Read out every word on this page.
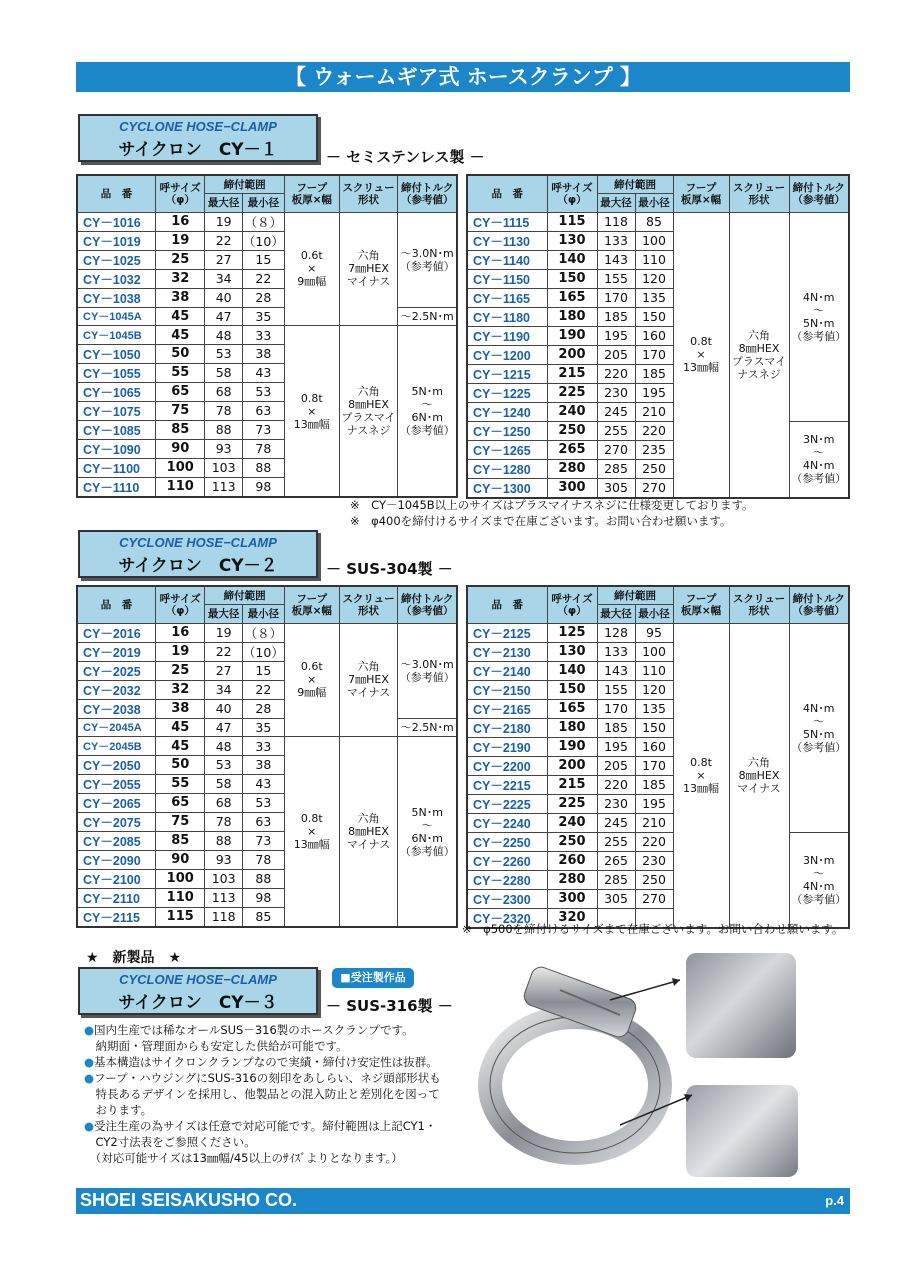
【 ウォームギア式 ホースクランプ 】
CYCLONE HOSE−CLAMP
サイクロン　CY－１	－ セミステンレス製 －
品　番	呼サイズ
（φ）	締付範囲		フープ
板厚×幅	スクリュー
形状	締付トルク
（参考値）
		最大径	最小径			
CY－1016	16	19	（８）	0.6t
×
9㎜幅	六角
7㎜HEX
マイナス	～3.0N･m
（参考値）
CY－1019	19	22	（10）			
CY－1025	25	27	15			
CY－1032	32	34	22			
CY－1038	38	40	28			
CY－1045A	45	47	35			～2.5N･m
CY－1045B	45	48	33	0.8t
×
13㎜幅	六角
8㎜HEX
プラスマイ
ナスネジ	5N･m
～
6N･m
（参考値）
CY－1050	50	53	38			
CY－1055	55	58	43			
CY－1065	65	68	53			
CY－1075	75	78	63			
CY－1085	85	88	73			
CY－1090	90	93	78			
CY－1100	100	103	88			
CY－1110	110	113	98			
品　番	呼サイズ
（φ）	締付範囲		フープ
板厚×幅	スクリュー
形状	締付トルク
（参考値）
		最大径	最小径			
CY－1115	115	118	85	0.8t
×
13㎜幅	六角
8㎜HEX
プラスマイ
ナスネジ	4N･m
～
5N･m
（参考値）
CY－1130	130	133	100			
CY－1140	140	143	110			
CY－1150	150	155	120			
CY－1165	165	170	135			
CY－1180	180	185	150			
CY－1190	190	195	160			
CY－1200	200	205	170			
CY－1215	215	220	185			
CY－1225	225	230	195			
CY－1240	240	245	210			
CY－1250	250	255	220			3N･m
～
4N･m
（参考値）
CY－1265	265	270	235			
CY－1280	280	285	250			
CY－1300	300	305	270			
※　CY－1045B以上のサイズはプラスマイナスネジに仕様変更しております。
※　φ400を締付けるサイズまで在庫ございます。お問い合わせ願います。
CYCLONE HOSE−CLAMP
サイクロン　CY－２	－ SUS-304製 －
品　番	呼サイズ
（φ）	締付範囲		フープ
板厚×幅	スクリュー
形状	締付トルク
（参考値）
		最大径	最小径			
CY－2016	16	19	（８）	0.6t
×
9㎜幅	六角
7㎜HEX
マイナス	～3.0N･m
（参考値）
CY－2019	19	22	（10）			
CY－2025	25	27	15			
CY－2032	32	34	22			
CY－2038	38	40	28			
CY－2045A	45	47	35			～2.5N･m
CY－2045B	45	48	33	0.8t
×
13㎜幅	六角
8㎜HEX
マイナス	5N･m
～
6N･m
（参考値）
CY－2050	50	53	38			
CY－2055	55	58	43			
CY－2065	65	68	53			
CY－2075	75	78	63			
CY－2085	85	88	73			
CY－2090	90	93	78			
CY－2100	100	103	88			
CY－2110	110	113	98			
CY－2115	115	118	85			
品　番	呼サイズ
（φ）	締付範囲		フープ
板厚×幅	スクリュー
形状	締付トルク
（参考値）
		最大径	最小径			
CY－2125	125	128	95	0.8t
×
13㎜幅	六角
8㎜HEX
マイナス	4N･m
～
5N･m
（参考値）
CY－2130	130	133	100			
CY－2140	140	143	110			
CY－2150	150	155	120			
CY－2165	165	170	135			
CY－2180	180	185	150			
CY－2190	190	195	160			
CY－2200	200	205	170			
CY－2215	215	220	185			
CY－2225	225	230	195			
CY－2240	240	245	210			
CY－2250	250	255	220			3N･m
～
4N･m
（参考値）
CY－2260	260	265	230			
CY－2280	280	285	250			
CY－2300	300	305	270			
CY－2320	320					
※　φ500を締付けるサイズまで在庫ございます。お問い合わせ願います。
★　新製品　★
CYCLONE HOSE−CLAMP
サイクロン　CY－３
■受注製作品
－ SUS-316製 －

●国内生産では稀なオールSUS－316製のホースクランプです。

　納期面・管理面からも安定した供給が可能です。

●基本構造はサイクロンクランプなので実績・締付け安定性は抜群。

●フープ・ハウジングにSUS-316の刻印をあしらい、ネジ頭部形状も

　特長あるデザインを採用し、他製品との混入防止と差別化を図って

　おります。

●受注生産の為サイズは任意で対応可能です。締付範囲は上記CY1・

　CY2寸法表をご参照ください。

　（対応可能サイズは13㎜幅/45以上のｻｲｽﾞよりとなります。）

SHOEI SEISAKUSHO CO.	p.4
